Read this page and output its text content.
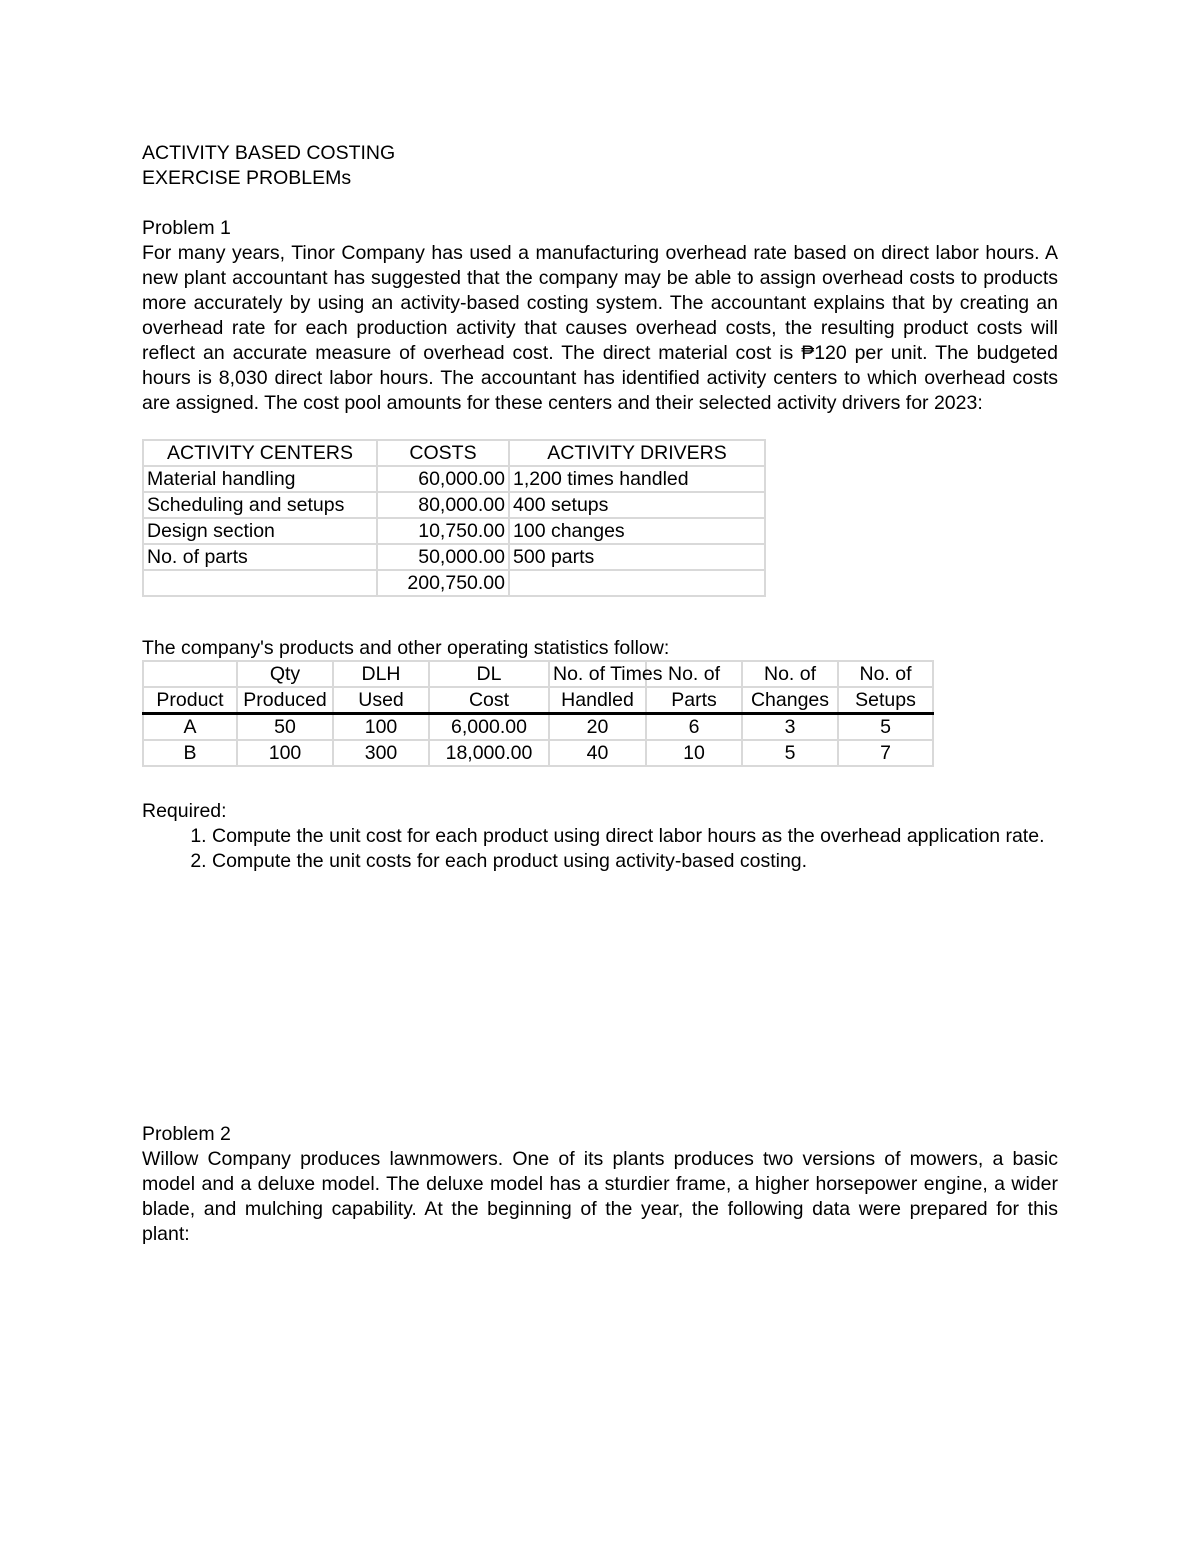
ACTIVITY BASED COSTING
EXERCISE PROBLEMs
Problem 1
For many years, Tinor Company has used a manufacturing overhead rate based on direct labor hours. A new plant accountant has suggested that the company may be able to assign overhead costs to products more accurately by using an activity-based costing system. The accountant explains that by creating an overhead rate for each production activity that causes overhead costs, the resulting product costs will reflect an accurate measure of overhead cost. The direct material cost is ₱120 per unit. The budgeted hours is 8,030 direct labor hours. The accountant has identified activity centers to which overhead costs are assigned. The cost pool amounts for these centers and their selected activity drivers for 2023:
ACTIVITY CENTERS	COSTS	ACTIVITY DRIVERS
Material handling	60,000.00	1,200 times handled
Scheduling and setups	80,000.00	400 setups
Design section	10,750.00	100 changes
No. of parts	50,000.00	500 parts
	200,750.00	
The company's products and other operating statistics follow:
	Qty	DLH	DL	No. of Times	No. of	No. of	No. of
Product	Produced	Used	Cost	Handled	Parts	Changes	Setups
A	50	100	6,000.00	20	6	3	5
B	100	300	18,000.00	40	10	5	7
Required:
1. Compute the unit cost for each product using direct labor hours as the overhead application rate.
2. Compute the unit costs for each product using activity-based costing.
Problem 2
Willow Company produces lawnmowers. One of its plants produces two versions of mowers, a basic model and a deluxe model. The deluxe model has a sturdier frame, a higher horsepower engine, a wider blade, and mulching capability. At the beginning of the year, the following data were prepared for this plant:
